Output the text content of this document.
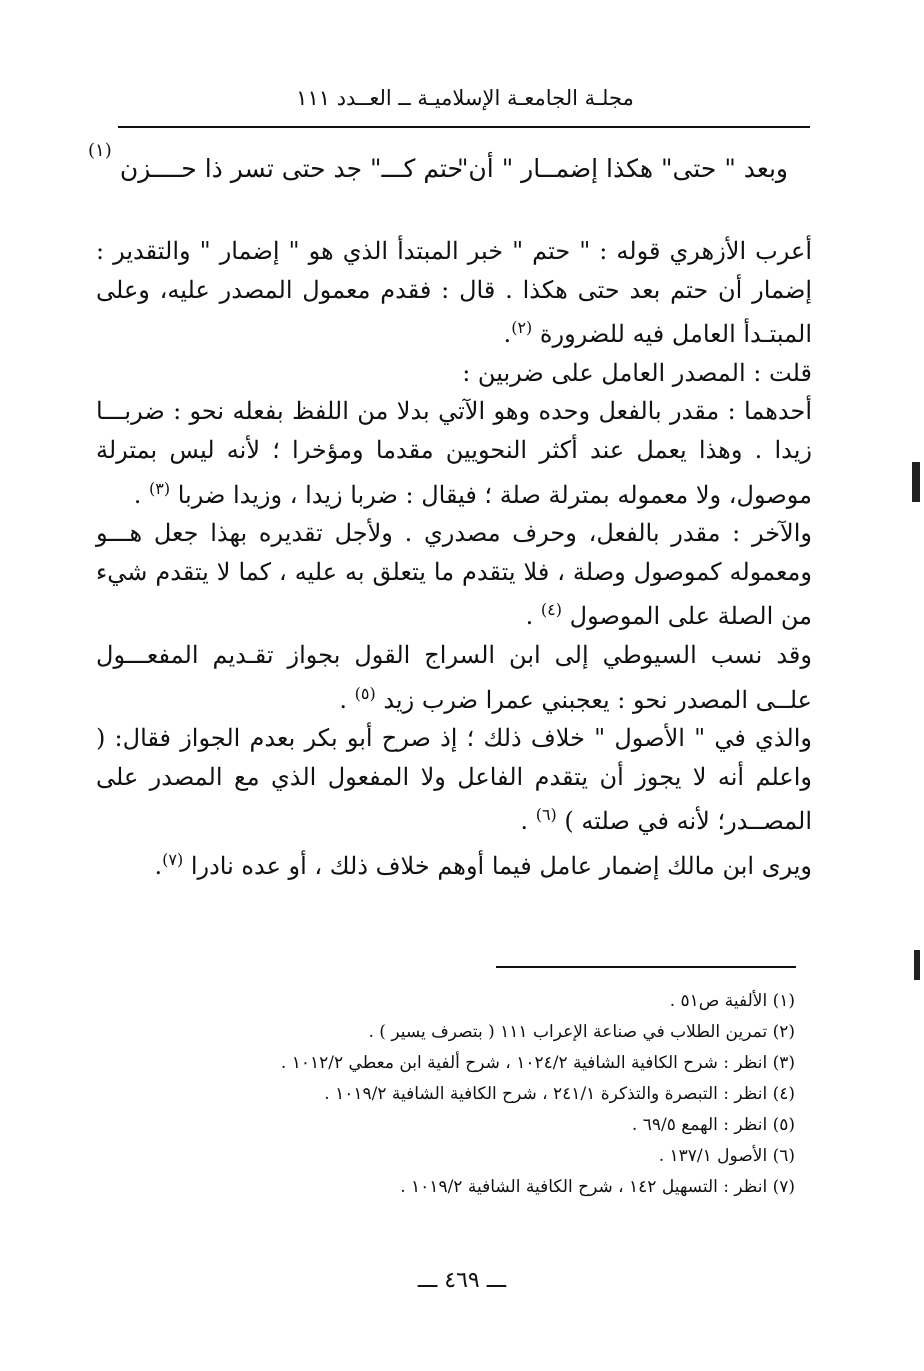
مجلـة الجامعـة الإسلاميـة ــ العــدد ١١١
وبعد " حتى" هكذا إضمــار " أن"
حتم كـــ" جد حتى تسر ذا حــــزن
(١)

أعرب الأزهري قوله : " حتم " خبر المبتدأ الذي هو " إضمار " والتقدير : إضمار أن حتم بعد حتى هكذا . قال : فقدم معمول المصدر عليه، وعلى المبتـدأ العامل فيه للضرورة $^{(٢)}$.

قلت : المصدر العامل على ضربين :

أحدهما : مقدر بالفعل وحده وهو الآتي بدلا من اللفظ بفعله نحو : ضربـــا زيدا . وهذا يعمل عند أكثر النحويين مقدما ومؤخرا ؛ لأنه ليس بمترلة موصول، ولا معموله بمترلة صلة ؛ فيقال : ضربا زيدا ، وزيدا ضربا $^{(٣)}$ .

والآخر : مقدر بالفعل، وحرف مصدري . ولأجل تقديره بهذا جعل هـــو ومعموله كموصول وصلة ، فلا يتقدم ما يتعلق به عليه ، كما لا يتقدم شيء من الصلة على الموصول $^{(٤)}$ .

وقد نسب السيوطي إلى ابن السراج القول بجواز تقـديم المفعـــول علــى المصدر نحو : يعجبني عمرا ضرب زيد $^{(٥)}$ .

والذي في " الأصول " خلاف ذلك ؛ إذ صرح أبو بكر بعدم الجواز فقال: ( واعلم أنه لا يجوز أن يتقدم الفاعل ولا المفعول الذي مع المصدر على المصــدر؛ لأنه في صلته ) $^{(٦)}$ .

ويرى ابن مالك إضمار عامل فيما أوهم خلاف ذلك ، أو عده نادرا $^{(٧)}$.

(١) الألفية ص٥١ .
(٢) تمرين الطلاب في صناعة الإعراب ١١١ ( بتصرف يسير ) .
(٣) انظر : شرح الكافية الشافية ١٠٢٤/٢ ، شرح ألفية ابن معطي ١٠١٢/٢ .
(٤) انظر : التبصرة والتذكرة ٢٤١/١ ، شرح الكافية الشافية ١٠١٩/٢ .
(٥) انظر : الهمع ٦٩/٥ .
(٦) الأصول ١٣٧/١ .
(٧) انظر : التسهيل ١٤٢ ، شرح الكافية الشافية ١٠١٩/٢ .
ـــ ٤٦٩ ـــ
